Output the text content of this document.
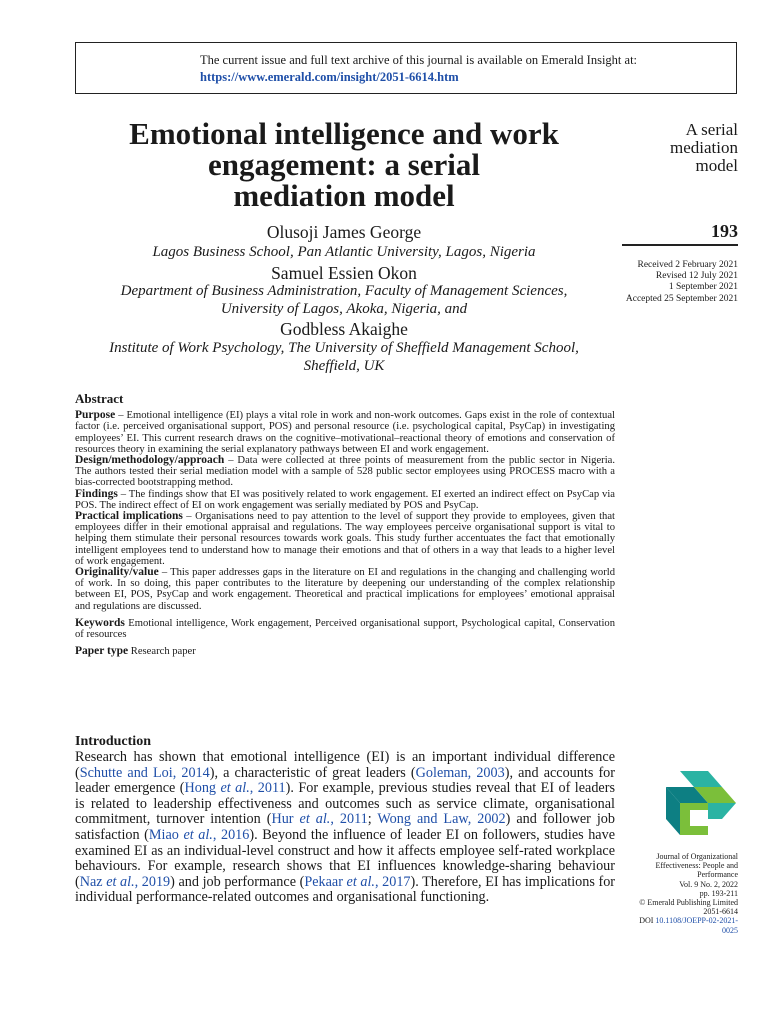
The current issue and full text archive of this journal is available on Emerald Insight at:
https://www.emerald.com/insight/2051-6614.htm
Emotional intelligence and work
engagement: a serial
mediation model
Olusoji James George
Lagos Business School, Pan Atlantic University, Lagos, Nigeria
Samuel Essien Okon
Department of Business Administration, Faculty of Management Sciences,
University of Lagos, Akoka, Nigeria, and
Godbless Akaighe
Institute of Work Psychology, The University of Sheffield Management School,
Sheffield, UK
A serial
mediation
model
193
Received 2 February 2021
Revised 12 July 2021
1 September 2021
Accepted 25 September 2021
Abstract

Purpose – Emotional intelligence (EI) plays a vital role in work and non-work outcomes. Gaps exist in the role of contextual factor (i.e. perceived organisational support, POS) and personal resource (i.e. psychological capital, PsyCap) in investigating employees’ EI. This current research draws on the cognitive–motivational–reactional theory of emotions and conservation of resources theory in examining the serial explanatory pathways between EI and work engagement.

Design/methodology/approach – Data were collected at three points of measurement from the public sector in Nigeria. The authors tested their serial mediation model with a sample of 528 public sector employees using PROCESS macro with a bias-corrected bootstrapping method.

Findings – The findings show that EI was positively related to work engagement. EI exerted an indirect effect on PsyCap via POS. The indirect effect of EI on work engagement was serially mediated by POS and PsyCap.

Practical implications – Organisations need to pay attention to the level of support they provide to employees, given that employees differ in their emotional appraisal and regulations. The way employees perceive organisational support is vital to helping them stimulate their personal resources towards work goals. This study further accentuates the fact that emotionally intelligent employees tend to understand how to manage their emotions and that of others in a way that leads to a higher level of work engagement.

Originality/value – This paper addresses gaps in the literature on EI and regulations in the changing and challenging world of work. In so doing, this paper contributes to the literature by deepening our understanding of the complex relationship between EI, POS, PsyCap and work engagement. Theoretical and practical implications for employees’ emotional appraisal and regulations are discussed.

Keywords Emotional intelligence, Work engagement, Perceived organisational support, Psychological capital, Conservation of resources

Paper type Research paper

Introduction

Research has shown that emotional intelligence (EI) is an important individual difference (Schutte and Loi, 2014), a characteristic of great leaders (Goleman, 2003), and accounts for leader emergence (Hong et al., 2011). For example, previous studies reveal that EI of leaders is related to leadership effectiveness and outcomes such as service climate, organisational commitment, turnover intention (Hur et al., 2011; Wong and Law, 2002) and follower job satisfaction (Miao et al., 2016). Beyond the influence of leader EI on followers, studies have examined EI as an individual-level construct and how it affects employee self-rated workplace behaviours. For example, research shows that EI influences knowledge-sharing behaviour (Naz et al., 2019) and job performance (Pekaar et al., 2017). Therefore, EI has implications for individual performance-related outcomes and organisational functioning.

Journal of Organizational
Effectiveness: People and
Performance
Vol. 9 No. 2, 2022
pp. 193-211
© Emerald Publishing Limited
2051-6614
DOI 10.1108/JOEPP-02-2021-0025
